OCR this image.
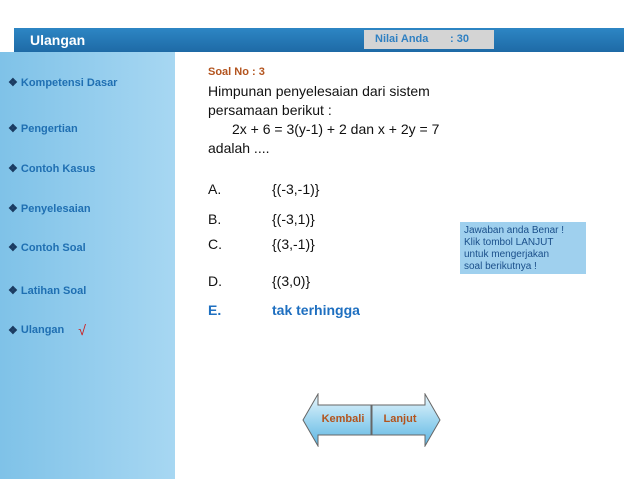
Ulangan	Nilai Anda : 30
❖ Kompetensi Dasar
❖ Pengertian
❖ Contoh Kasus
❖ Penyelesaian
❖ Contoh Soal
❖ Latihan Soal
❖ Ulangan √
Soal No : 3
Himpunan penyelesaian dari sistem
persamaan berikut :
2x + 6 = 3(y-1) + 2 dan x + 2y = 7
adalah ....
A.	{(-3,-1)}
B.	{(-3,1)}
C.	{(3,-1)}
D.	{(3,0)}
E.	tak terhingga
Jawaban anda Benar !
Klik tombol LANJUT
untuk mengerjakan
soal berikutnya !
Kembali	Lanjut
